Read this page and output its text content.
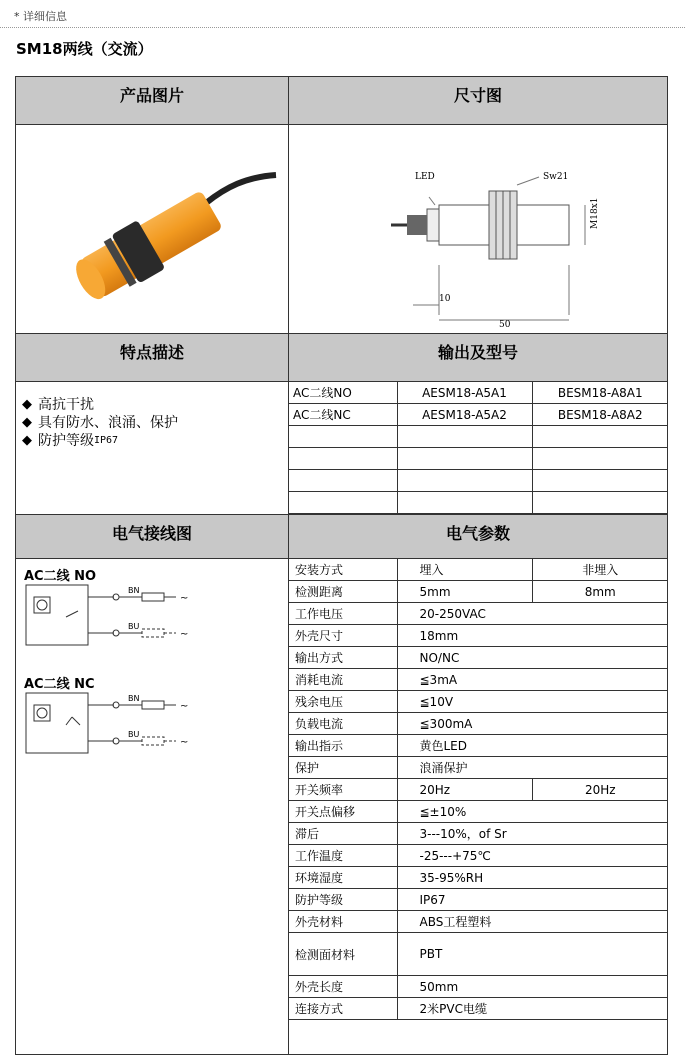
* 详细信息
SM18两线（交流）
产品图片	尺寸图

LED	Sw21
M18x1
10
50

特点描述	输出及型号

◆ 高抗干扰
◆ 具有防水、浪涌、保护
◆ 防护等级 IP67

AC二线NO	AESM18-A5A1	BESM18-A8A1
AC二线NC	AESM18-A5A2	BESM18-A8A2

电气接线图	电气参数

AC二线 NO
BN
BU
~
~
AC二线 NC
BN
BU
~
~

安装方式	埋入	非埋入
检测距离	5mm	8mm
工作电压	20-250VAC
外壳尺寸	18mm
输出方式	NO/NC
消耗电流	≦3mA
残余电压	≦10V
负载电流	≦300mA
输出指示	黄色LED
保护	浪涌保护
开关频率	20Hz	20Hz
开关点偏移	≦±10%
滞后	3---10%，of Sr
工作温度	-25---+75℃
环境湿度	35-95%RH
防护等级	IP67
外壳材料	ABS工程塑料
检测面材料	PBT
外壳长度	50mm
连接方式	2米PVC电缆
